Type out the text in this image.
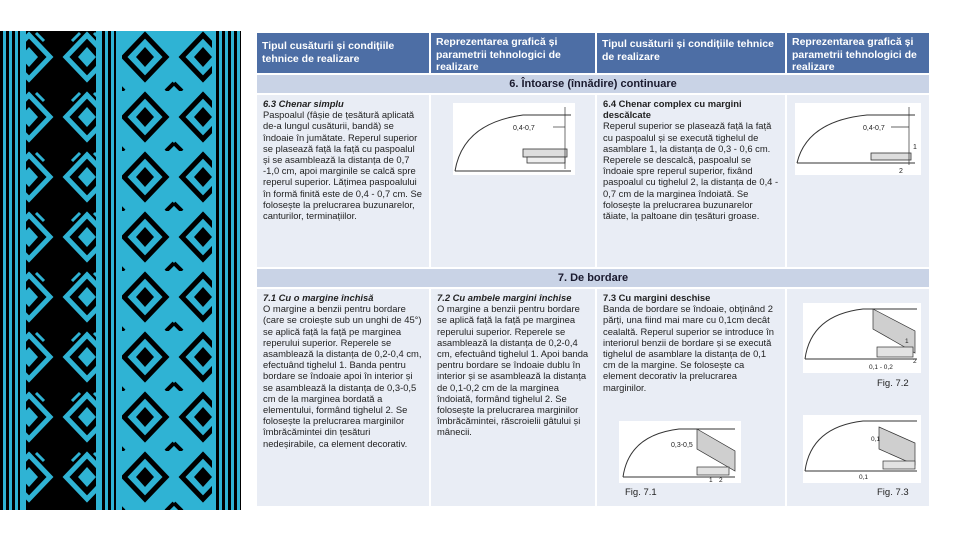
Tipul cusăturii și condițiile tehnice de realizare
Reprezentarea grafică și parametrii tehnologici de realizare
Tipul cusăturii și condițiile tehnice de realizare
Reprezentarea grafică și parametrii tehnologici de realizare
6. Întoarse (înnădire) continuare
6.3 Chenar simplu
Paspoalul (fâșie de țesătură aplicată de-a lungul cusăturii, bandă) se îndoaie în jumătate. Reperul superior se plasează față la față cu paspoalul și se asamblează la distanța de 0,7 -1,0 cm, apoi marginile se calcă spre reperul superior. Lățimea paspoalului în formă finită este de 0,4 - 0,7 cm. Se folosește la prelucrarea buzunarelor, canturilor, terminațiilor.
0,4-0,7
6.4 Chenar complex cu margini descălcate
Reperul superior se plasează față la față cu paspoalul și se execută tighelul de asamblare 1, la distanța de 0,3 - 0,6 cm. Reperele se descalcă, paspoalul se îndoaie spre reperul superior, fixând paspoalul cu tighelul 2, la distanța de 0,4 - 0,7 cm de la marginea îndoiată. Se folosește la prelucrarea buzunarelor tăiate, la paltoane din țesături groase.
0,4-0,7
1
2
7. De bordare
7.1 Cu o margine închisă
O margine a benzii pentru bordare (care se croiește sub un unghi de 45°) se aplică față la față pe marginea reperului superior. Reperele se asamblează la distanța de 0,2-0,4 cm, efectuând tighelul 1. Banda pentru bordare se îndoaie apoi în interior și se asamblează la distanța de 0,3-0,5 cm de la marginea bordată a elementului, formând tighelul 2. Se folosește la prelucrarea marginilor îmbrăcămintei din țesături nedeșirabile, ca element decorativ.
7.2 Cu ambele margini închise
O margine a benzii pentru bordare se aplică față la față pe marginea reperului superior. Reperele se asamblează la distanța de 0,2-0,4 cm, efectuând tighelul 1. Apoi banda pentru bordare se îndoaie dublu în interior și se asamblează la distanța de 0,1-0,2 cm de la marginea îndoiată, formând tighelul 2. Se folosește la prelucrarea marginilor îmbrăcămintei, răscroielii gâtului și mânecii.
7.3 Cu margini deschise
Banda de bordare se îndoaie, obținând 2 părți, una fiind mai mare cu 0,1cm decât cealaltă. Reperul superior se introduce în interiorul benzii de bordare și se execută tighelul de asamblare la distanța de 0,1 cm de la margine. Se folosește ca element decorativ la prelucrarea marginilor.
0,3-0,5
1 2
Fig. 7.1
0,1 - 0,2
1
2
Fig. 7.2
0,1
0,1
Fig. 7.3
